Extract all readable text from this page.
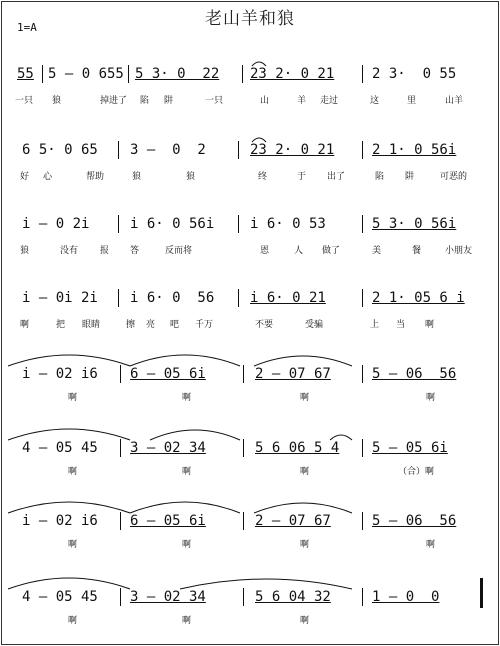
老山羊和狼
1=A
55 5 – 0 655 5 3· 0  22 23 2· 0 21	2 3·  0 55
一只 狼	掉进了 陷 阱	一只	山	羊 走过	这	里	山羊
6 5· 0 65 3 –  0  2	23 2· 0 21	2 1· 0 56i
好 心	帮助	狼	狼	终	于 出了	陷 阱	可恶的
i – 0 2i	i 6· 0 56i	i 6· 0 53	5 3· 0 56i
狼	没有 报 答	反而将	恩	人 做了	美	餐	小朋友
i – 0i 2i i 6· 0  56	i 6· 0 21	2 1· 05 6 i
啊	把 眼睛	擦 亮 吧 千万	不要	受骗	上 当 啊
i – 02 i6 6 – 05 6i	2 – 07 67	5 – 06  56
啊	啊	啊	啊
4 – 05 45 3 – 02 34	5 6 06 5 4 5 – 05 6i
啊	啊	啊	（合）啊
i – 02 i6 6 – 05 6i	2 – 07 67	5 – 06  56
啊	啊	啊	啊
4 – 05 45 3 – 02 34	5 6 04 32	1 – 0  0
啊	啊	啊
